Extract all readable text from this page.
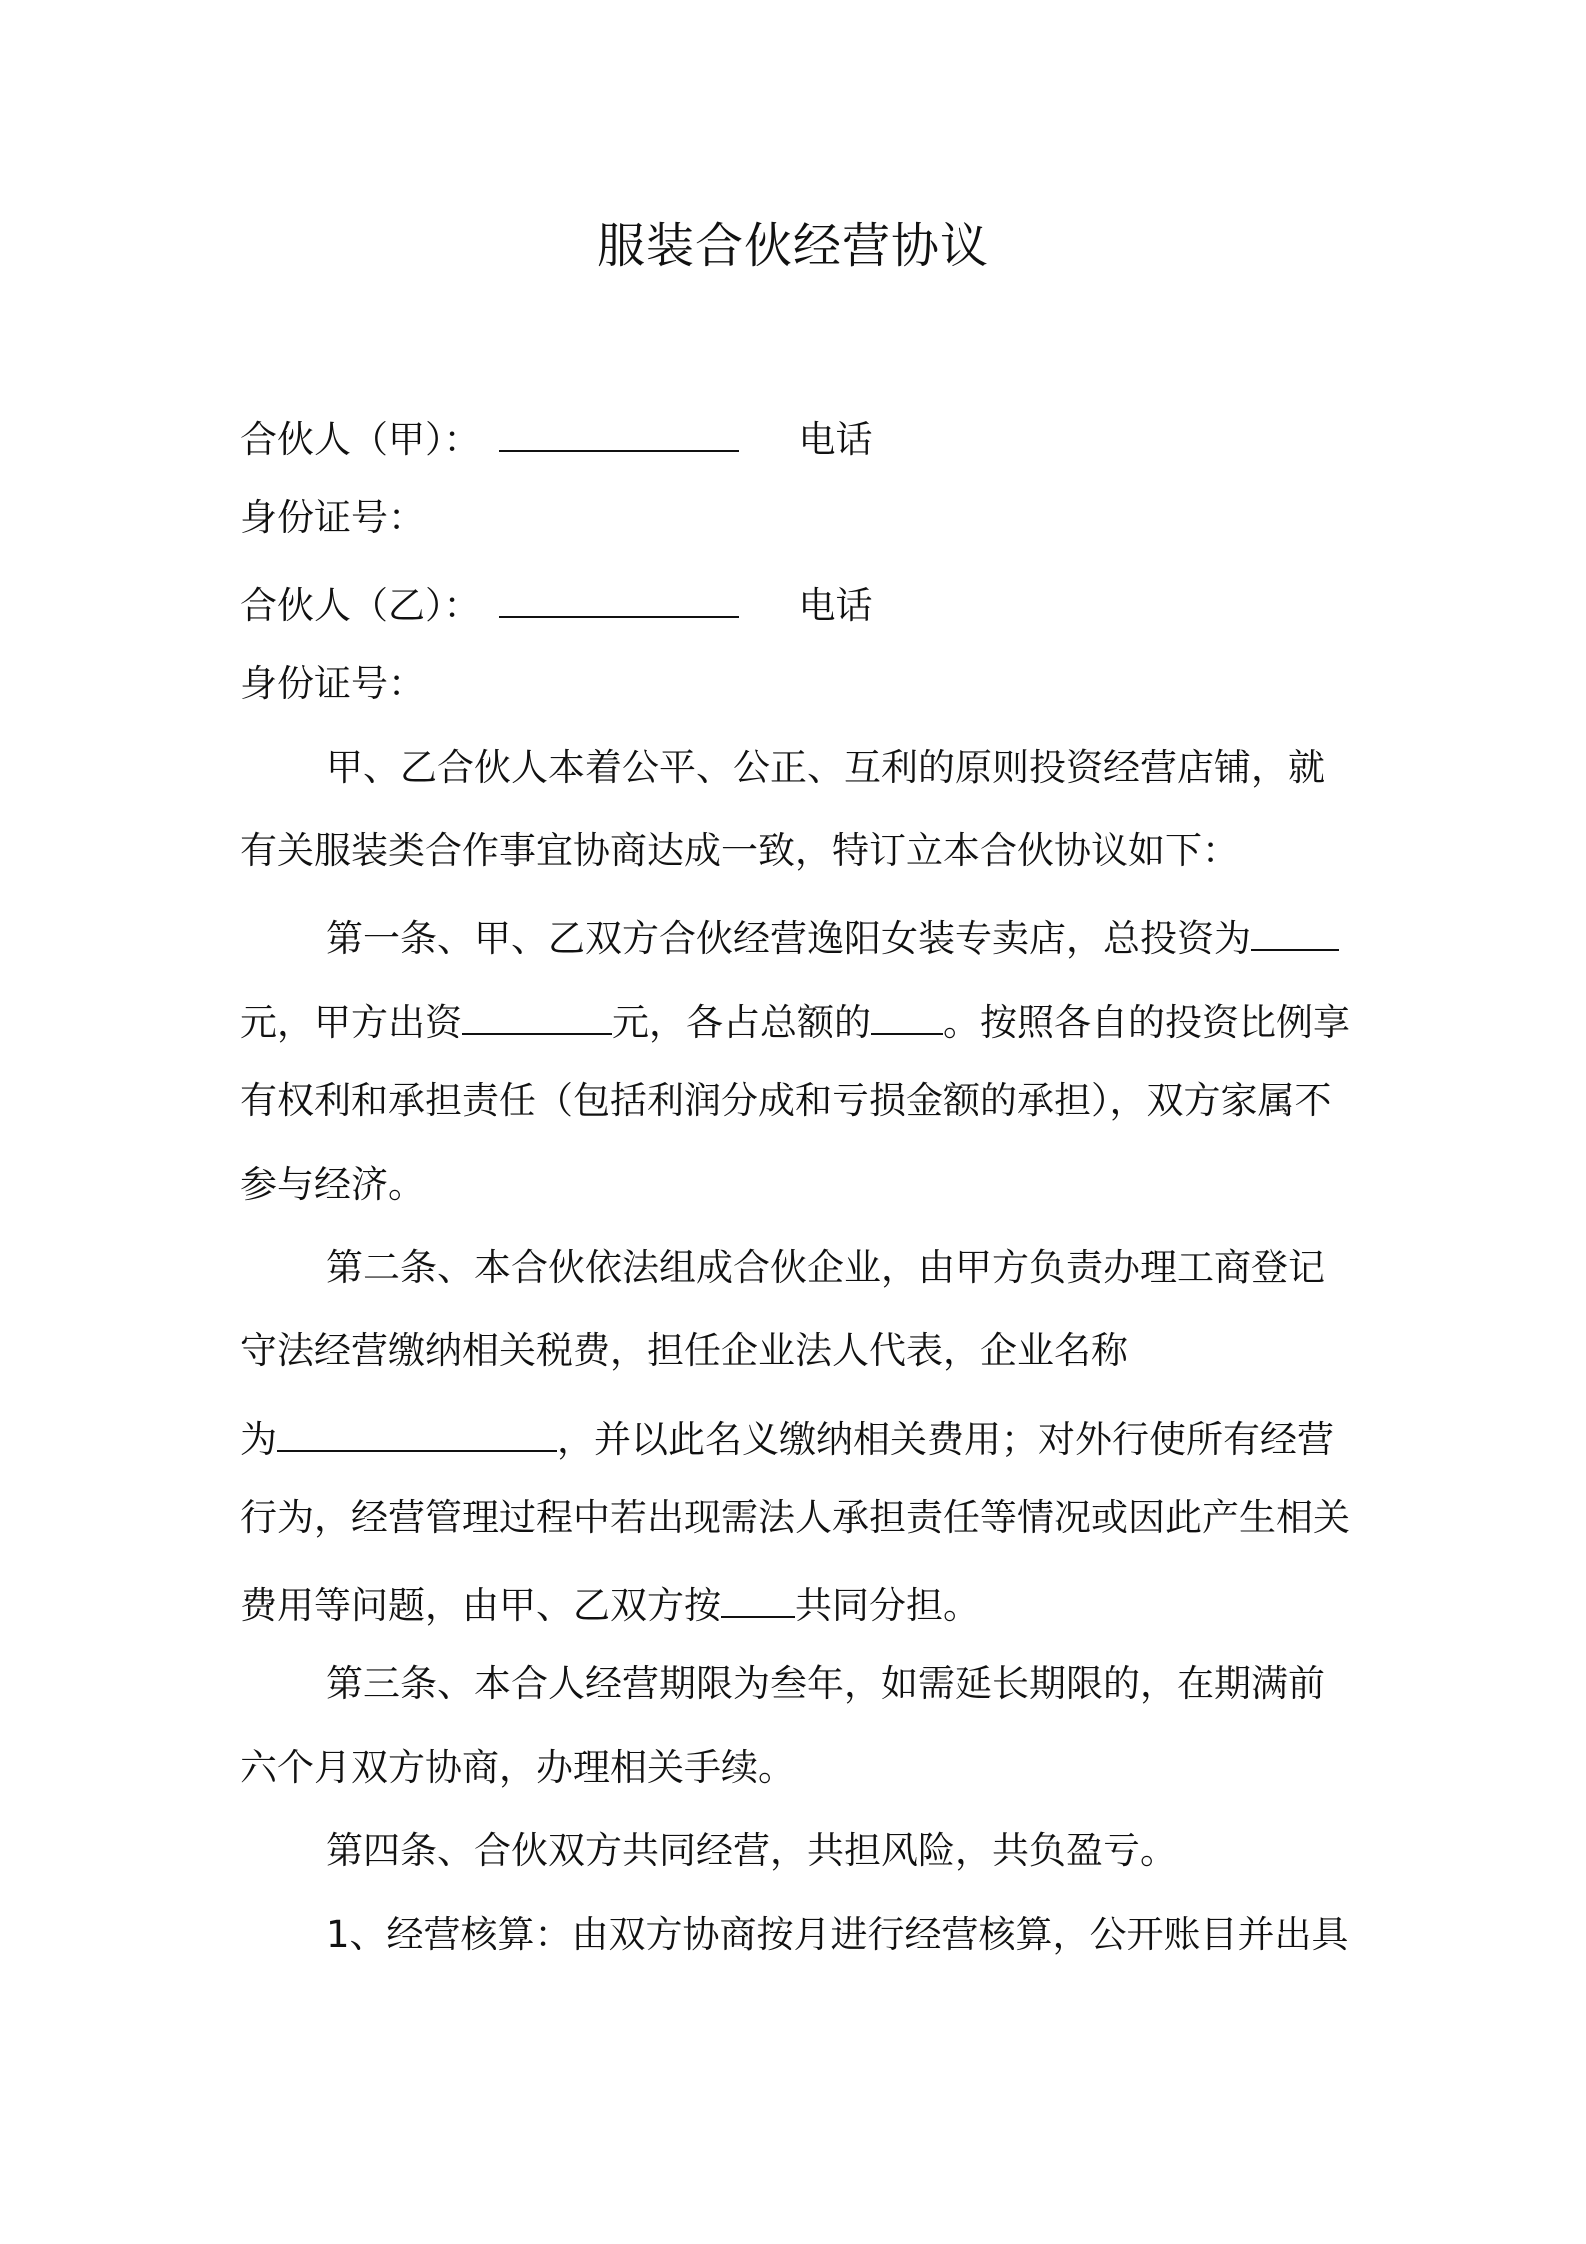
服装合伙经营协议
合伙人（甲）：	电话
身份证号：
合伙人（乙）：	电话
身份证号：
甲、乙合伙人本着公平、公正、互利的原则投资经营店铺，就
有关服装类合作事宜协商达成一致，特订立本合伙协议如下：
第一条、甲、乙双方合伙经营逸阳女装专卖店，总投资为
元，甲方出资	元，各占总额的 。按照各自的投资比例享
有权利和承担责任（包括利润分成和亏损金额的承担），双方家属不
参与经济。
第二条、本合伙依法组成合伙企业，由甲方负责办理工商登记
守法经营缴纳相关税费，担任企业法人代表，企业名称
为	，并以此名义缴纳相关费用；对外行使所有经营
行为，经营管理过程中若出现需法人承担责任等情况或因此产生相关
费用等问题，由甲、乙双方按 共同分担。
第三条、本合人经营期限为叁年，如需延长期限的，在期满前
六个月双方协商，办理相关手续。
第四条、合伙双方共同经营，共担风险，共负盈亏。
1、经营核算：由双方协商按月进行经营核算，公开账目并出具
